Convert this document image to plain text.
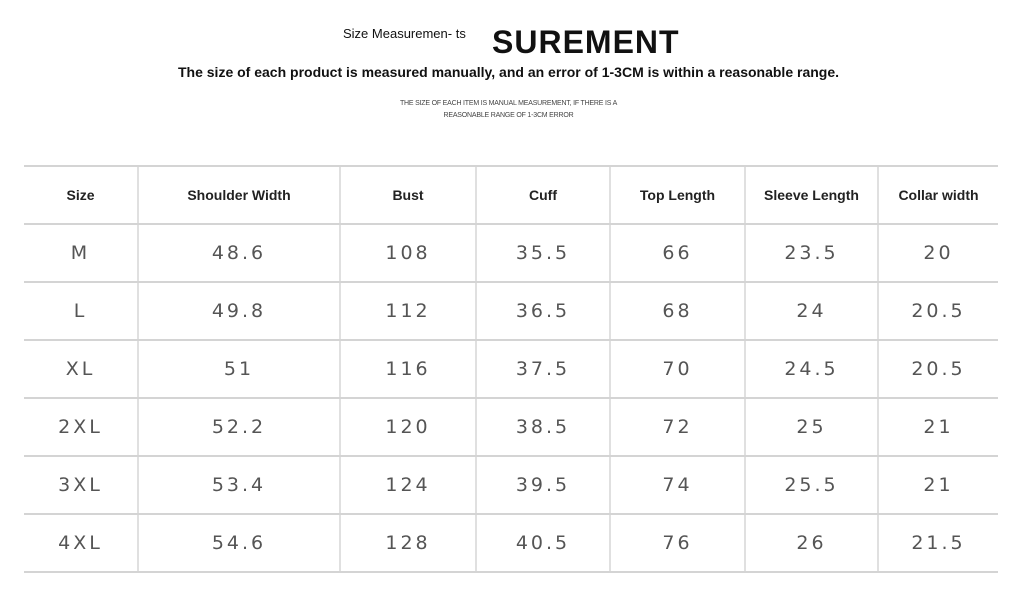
Size Measuremen- ts SUREMENT
The size of each product is measured manually, and an error of 1-3CM is within a reasonable range.
THE SIZE OF EACH ITEM IS MANUAL MEASUREMENT, IF THERE IS A
REASONABLE RANGE OF 1-3CM ERROR
Size	Shoulder Width	Bust	Cuff	Top Length	Sleeve Length	Collar width
M	48.6	108	35.5	66	23.5	20
L	49.8	112	36.5	68	24	20.5
XL	51	116	37.5	70	24.5	20.5
2XL	52.2	120	38.5	72	25	21
3XL	53.4	124	39.5	74	25.5	21
4XL	54.6	128	40.5	76	26	21.5
